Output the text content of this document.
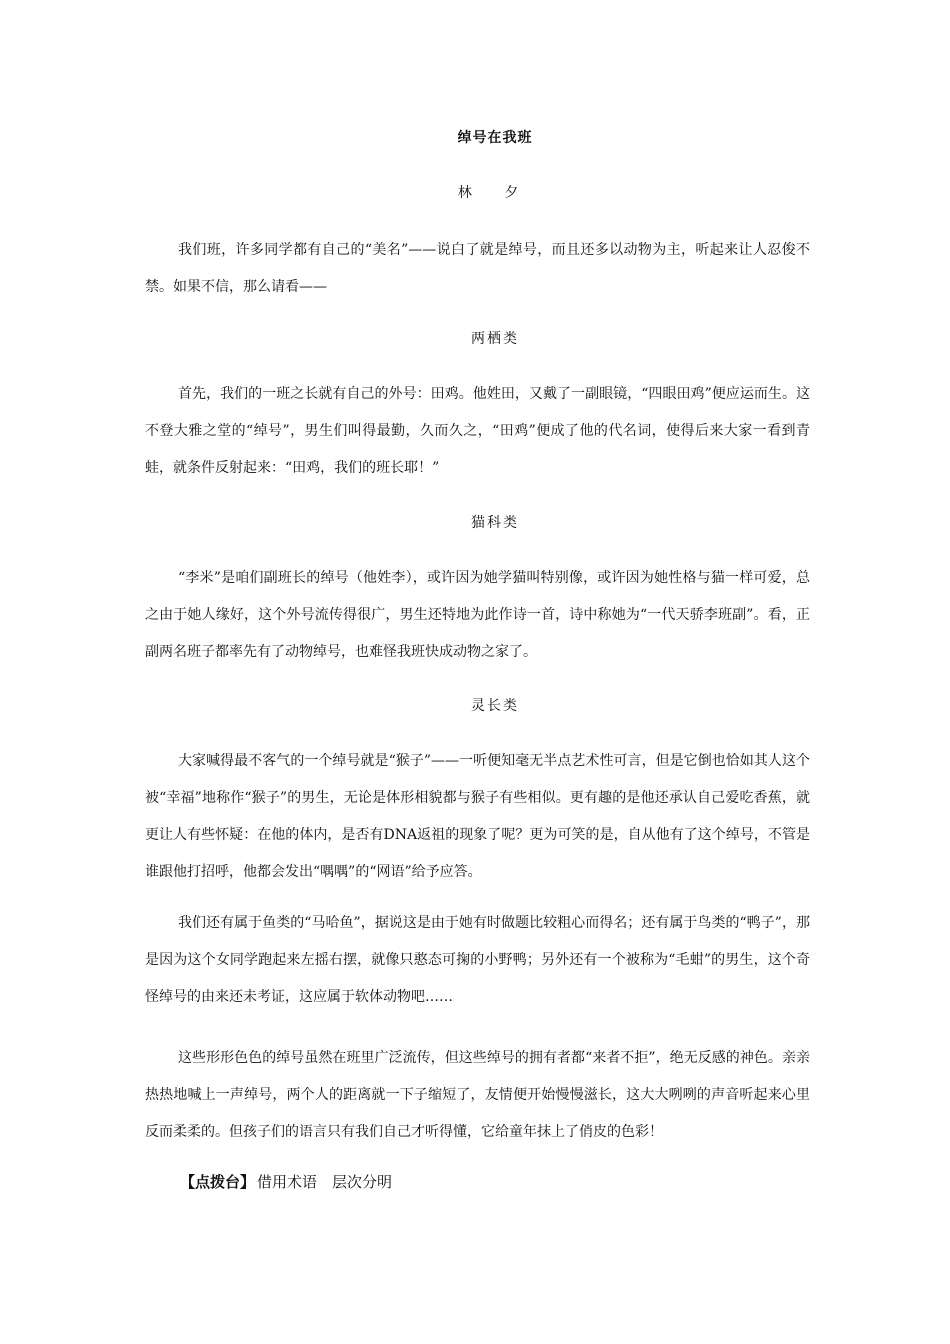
绰号在我班
林 夕

我们班，许多同学都有自己的“美名”——说白了就是绰号，而且还多以动物为主，听起来让人忍俊不禁。如果不信，那么请看——

两栖类

首先，我们的一班之长就有自己的外号：田鸡。他姓田，又戴了一副眼镜，“四眼田鸡”便应运而生。这不登大雅之堂的“绰号”，男生们叫得最勤，久而久之，“田鸡”便成了他的代名词，使得后来大家一看到青蛙，就条件反射起来：“田鸡，我们的班长耶！”

猫科类

“李米”是咱们副班长的绰号（他姓李），或许因为她学猫叫特别像，或许因为她性格与猫一样可爱，总之由于她人缘好，这个外号流传得很广，男生还特地为此作诗一首，诗中称她为“一代天骄李班副”。看，正副两名班子都率先有了动物绰号，也难怪我班快成动物之家了。

灵长类

大家喊得最不客气的一个绰号就是“猴子”——一听便知毫无半点艺术性可言，但是它倒也恰如其人这个被“幸福”地称作“猴子”的男生，无论是体形相貌都与猴子有些相似。更有趣的是他还承认自己爱吃香蕉，就更让人有些怀疑：在他的体内，是否有DNA返祖的现象了呢？更为可笑的是，自从他有了这个绰号，不管是谁跟他打招呼，他都会发出“喁喁”的“网语”给予应答。

我们还有属于鱼类的“马哈鱼”，据说这是由于她有时做题比较粗心而得名；还有属于鸟类的“鸭子”，那是因为这个女同学跑起来左摇右摆，就像只憨态可掬的小野鸭；另外还有一个被称为“毛蚶”的男生，这个奇怪绰号的由来还未考证，这应属于软体动物吧……

这些形形色色的绰号虽然在班里广泛流传，但这些绰号的拥有者都“来者不拒”，绝无反感的神色。亲亲热热地喊上一声绰号，两个人的距离就一下子缩短了，友情便开始慢慢滋长，这大大咧咧的声音听起来心里反而柔柔的。但孩子们的语言只有我们自己才听得懂，它给童年抹上了俏皮的色彩！

【点拨台】 借用术语　层次分明
